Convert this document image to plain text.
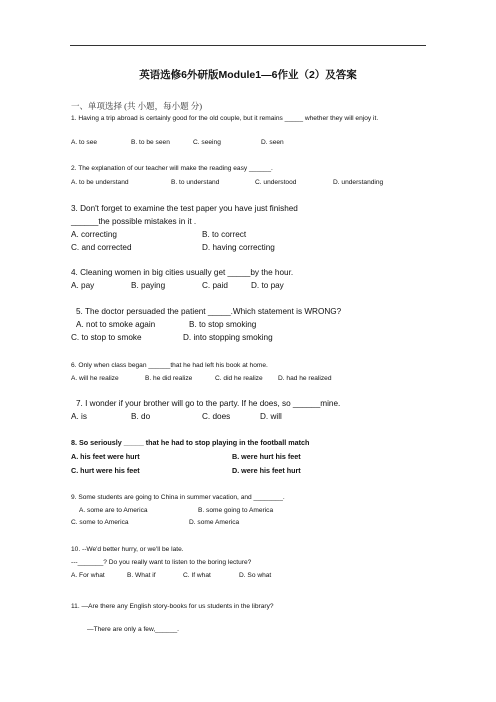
英语选修6外研版Module1—6作业（2）及答案
一、单项选择 (共 小题，每小题 分)
1. Having a trip abroad is certainly good for the old couple, but it remains _____ whether they will enjoy it.
A. to see	B. to be seen	C. seeing	D. seen
2. The explanation of our teacher will make the reading easy ______.
A. to be understand	B. to understand	C. understood	D. understanding
3. Don't forget to examine the test paper you have just finished
______the possible mistakes in it .
A. correcting	B. to correct
C. and corrected	D. having correcting
4. Cleaning women in big cities usually get _____by the hour.
A. pay	B. paying	C. paid	D. to pay
5. The doctor persuaded the patient _____.Which statement is WRONG?
A. not to smoke again	B. to stop smoking
C. to stop to smoke	D. into stopping smoking
6. Only when class began ______that he had left his book at home.
A. will he realize	B. he did realize	C. did he realize D. had he realized
7. I wonder if your brother will go to the party. If he does, so ______mine.
A. is	B. do	C. does	D. will
8. So seriously _____ that he had to stop playing in the football match
A. his feet were hurt	B. were hurt his feet
C. hurt were his feet	D. were his feet hurt
9. Some students are going to China in summer vacation, and ________.
A. some are to America	B. some going to America
C. some to America	D. some America
10. --We'd better hurry, or we'll be late.
---_______? Do you really want to listen to the boring lecture?
A. For what	B. What if	C. If what	D. So what
11. —Are there any English story-books for us students in the library?
—There are only a few,______.
